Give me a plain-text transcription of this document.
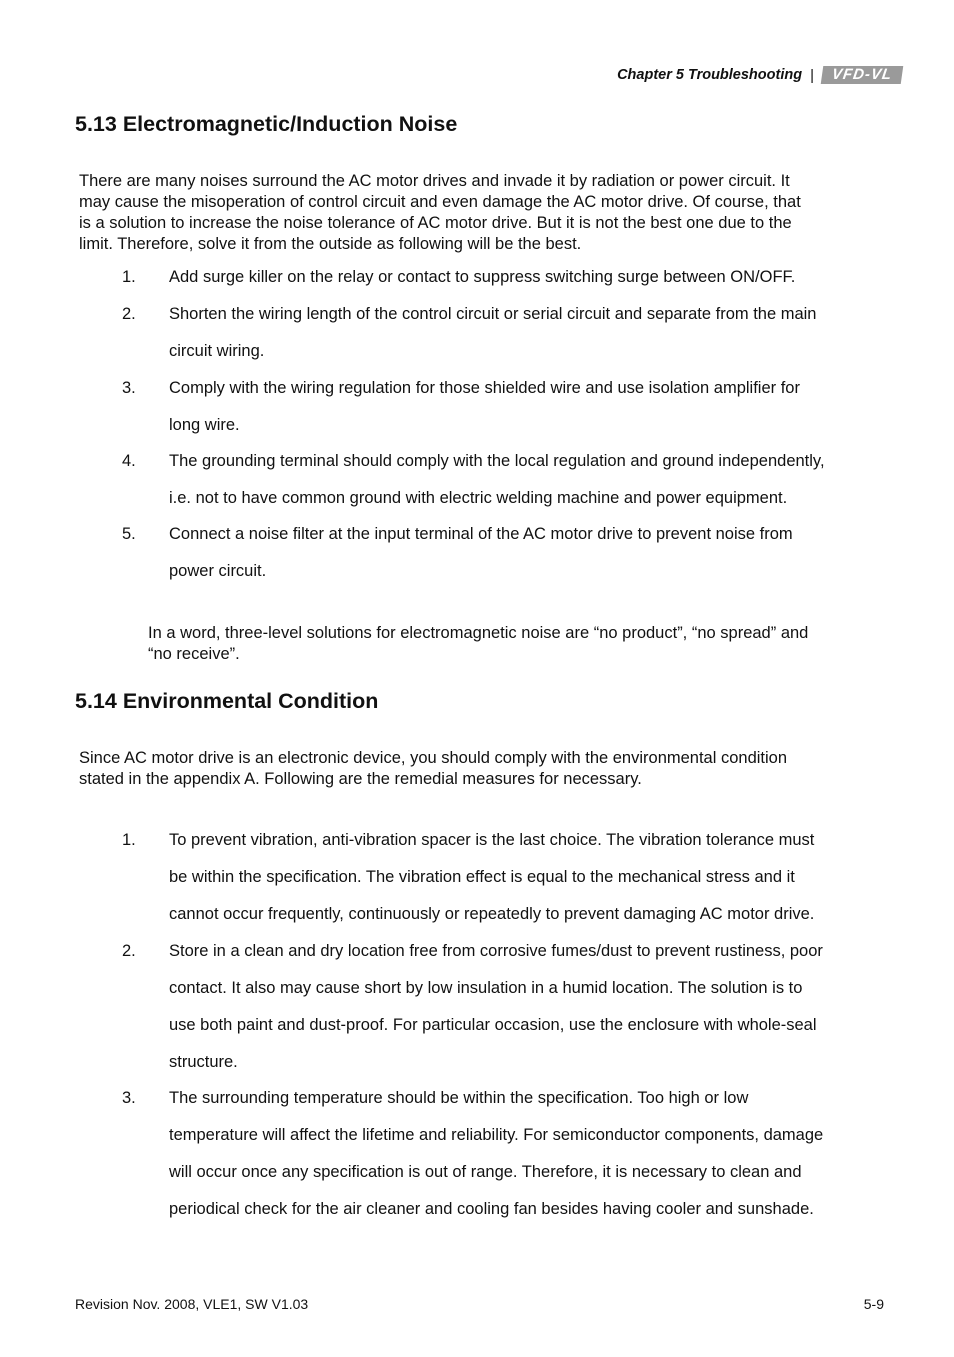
Chapter 5 Troubleshooting |	VFD-VL
5.13 Electromagnetic/Induction Noise
There are many noises surround the AC motor drives and invade it by radiation or power circuit. It
may cause the misoperation of control circuit and even damage the AC motor drive. Of course, that
is a solution to increase the noise tolerance of AC motor drive. But it is not the best one due to the
limit. Therefore, solve it from the outside as following will be the best.
1. Add surge killer on the relay or contact to suppress switching surge between ON/OFF.
2. Shorten the wiring length of the control circuit or serial circuit and separate from the main
circuit wiring.
3. Comply with the wiring regulation for those shielded wire and use isolation amplifier for
long wire.
4. The grounding terminal should comply with the local regulation and ground independently,
i.e. not to have common ground with electric welding machine and power equipment.
5. Connect a noise filter at the input terminal of the AC motor drive to prevent noise from
power circuit.
In a word, three-level solutions for electromagnetic noise are “no product”, “no spread” and
“no receive”.
5.14 Environmental Condition
Since AC motor drive is an electronic device, you should comply with the environmental condition
stated in the appendix A. Following are the remedial measures for necessary.
1. To prevent vibration, anti-vibration spacer is the last choice. The vibration tolerance must
be within the specification. The vibration effect is equal to the mechanical stress and it
cannot occur frequently, continuously or repeatedly to prevent damaging AC motor drive.
2. Store in a clean and dry location free from corrosive fumes/dust to prevent rustiness, poor
contact. It also may cause short by low insulation in a humid location. The solution is to
use both paint and dust-proof. For particular occasion, use the enclosure with whole-seal
structure.
3. The surrounding temperature should be within the specification. Too high or low
temperature will affect the lifetime and reliability. For semiconductor components, damage
will occur once any specification is out of range. Therefore, it is necessary to clean and
periodical check for the air cleaner and cooling fan besides having cooler and sunshade.
Revision Nov. 2008, VLE1, SW V1.03	5-9
